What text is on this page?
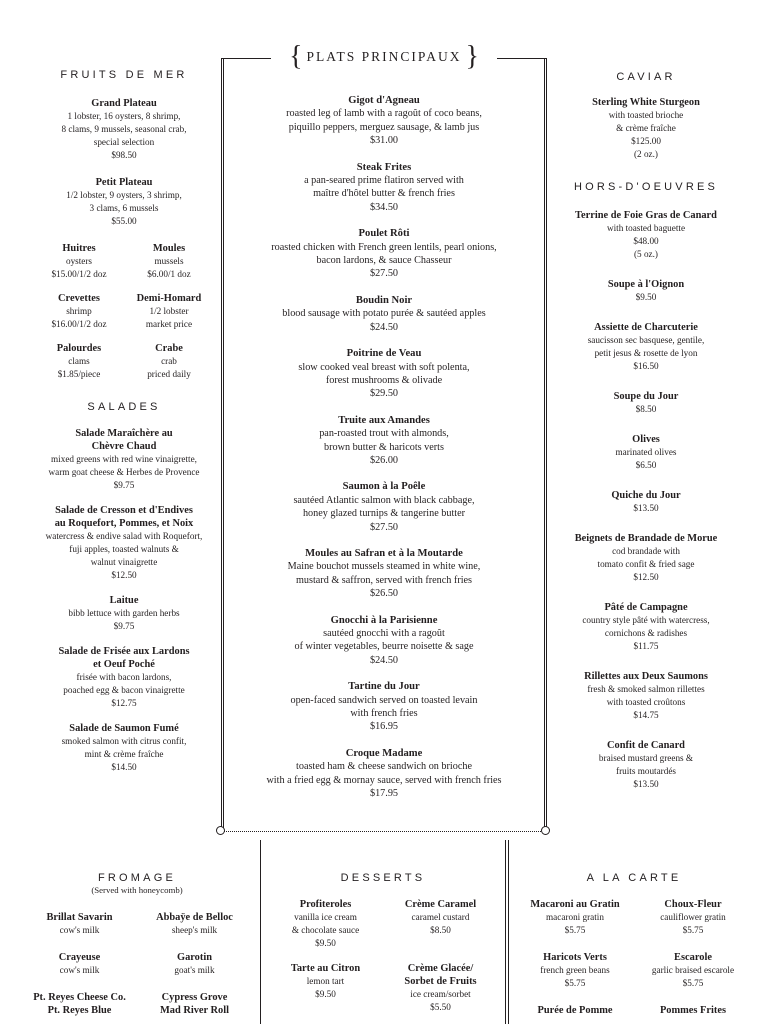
{ PLATS PRINCIPAUX }
Gigot d'Agneau
roasted leg of lamb with a ragoût of coco beans,
piquillo peppers, merguez sausage, & lamb jus
$31.00
Steak Frites
a pan-seared prime flatiron served with
maître d'hôtel butter & french fries
$34.50
Poulet Rôti
roasted chicken with French green lentils, pearl onions,
bacon lardons, & sauce Chasseur
$27.50
Boudin Noir
blood sausage with potato purée & sautéed apples
$24.50
Poitrine de Veau
slow cooked veal breast with soft polenta,
forest mushrooms & olivade
$29.50
Truite aux Amandes
pan-roasted trout with almonds,
brown butter & haricots verts
$26.00
Saumon à la Poêle
sautéed Atlantic salmon with black cabbage,
honey glazed turnips & tangerine butter
$27.50
Moules au Safran et à la Moutarde
Maine bouchot mussels steamed in white wine,
mustard & saffron, served with french fries
$26.50
Gnocchi à la Parisienne
sautéed gnocchi with a ragoût
of winter vegetables, beurre noisette & sage
$24.50
Tartine du Jour
open-faced sandwich served on toasted levain
with french fries
$16.95
Croque Madame
toasted ham & cheese sandwich on brioche
with a fried egg & mornay sauce, served with french fries
$17.95
FRUITS DE MER
Grand Plateau
1 lobster, 16 oysters, 8 shrimp,
8 clams, 9 mussels, seasonal crab,
special selection
$98.50
Petit Plateau
1/2 lobster, 9 oysters, 3 shrimp,
3 clams, 6 mussels
$55.00
Huitres
oysters
$15.00/1/2 doz
Moules
mussels
$6.00/1 doz
Crevettes
shrimp
$16.00/1/2 doz
Demi-Homard
1/2 lobster
market price
Palourdes
clams
$1.85/piece
Crabe
crab
priced daily
SALADES
Salade Maraîchère au
Chèvre Chaud
mixed greens with red wine vinaigrette,
warm goat cheese & Herbes de Provence
$9.75
Salade de Cresson et d'Endives
au Roquefort, Pommes, et Noix
watercress & endive salad with Roquefort,
fuji apples, toasted walnuts &
walnut vinaigrette
$12.50
Laitue
bibb lettuce with garden herbs
$9.75
Salade de Frisée aux Lardons
et Oeuf Poché
frisée with bacon lardons,
poached egg & bacon vinaigrette
$12.75
Salade de Saumon Fumé
smoked salmon with citrus confit,
mint & crème fraîche
$14.50
CAVIAR
Sterling White Sturgeon
with toasted brioche
& crème fraîche
$125.00
(2 oz.)
HORS-D'OEUVRES
Terrine de Foie Gras de Canard
with toasted baguette
$48.00
(5 oz.)
Soupe à l'Oignon
$9.50
Assiette de Charcuterie
saucisson sec basquese, gentile,
petit jesus & rosette de lyon
$16.50
Soupe du Jour
$8.50
Olives
marinated olives
$6.50
Quiche du Jour
$13.50
Beignets de Brandade de Morue
cod brandade with
tomato confit & fried sage
$12.50
Pâté de Campagne
country style pâté with watercress,
cornichons & radishes
$11.75
Rillettes aux Deux Saumons
fresh & smoked salmon rillettes
with toasted croûtons
$14.75
Confit de Canard
braised mustard greens &
fruits moutardés
$13.50
FROMAGE
(Served with honeycomb)
Brillat Savarin
cow's milk
Abbaÿe de Belloc
sheep's milk
Crayeuse
cow's milk
Garotin
goat's milk
Pt. Reyes Cheese Co.
Pt. Reyes Blue
Cypress Grove
Mad River Roll
DESSERTS
Profiteroles
vanilla ice cream
& chocolate sauce
$9.50
Crème Caramel
caramel custard
$8.50
Tarte au Citron
lemon tart
$9.50
Crème Glacée/
Sorbet de Fruits
ice cream/sorbet
$5.50
A LA CARTE
Macaroni au Gratin
macaroni gratin
$5.75
Choux-Fleur
cauliflower gratin
$5.75
Haricots Verts
french green beans
$5.75
Escarole
garlic braised escarole
$5.75
Purée de Pomme	Pommes Frites
